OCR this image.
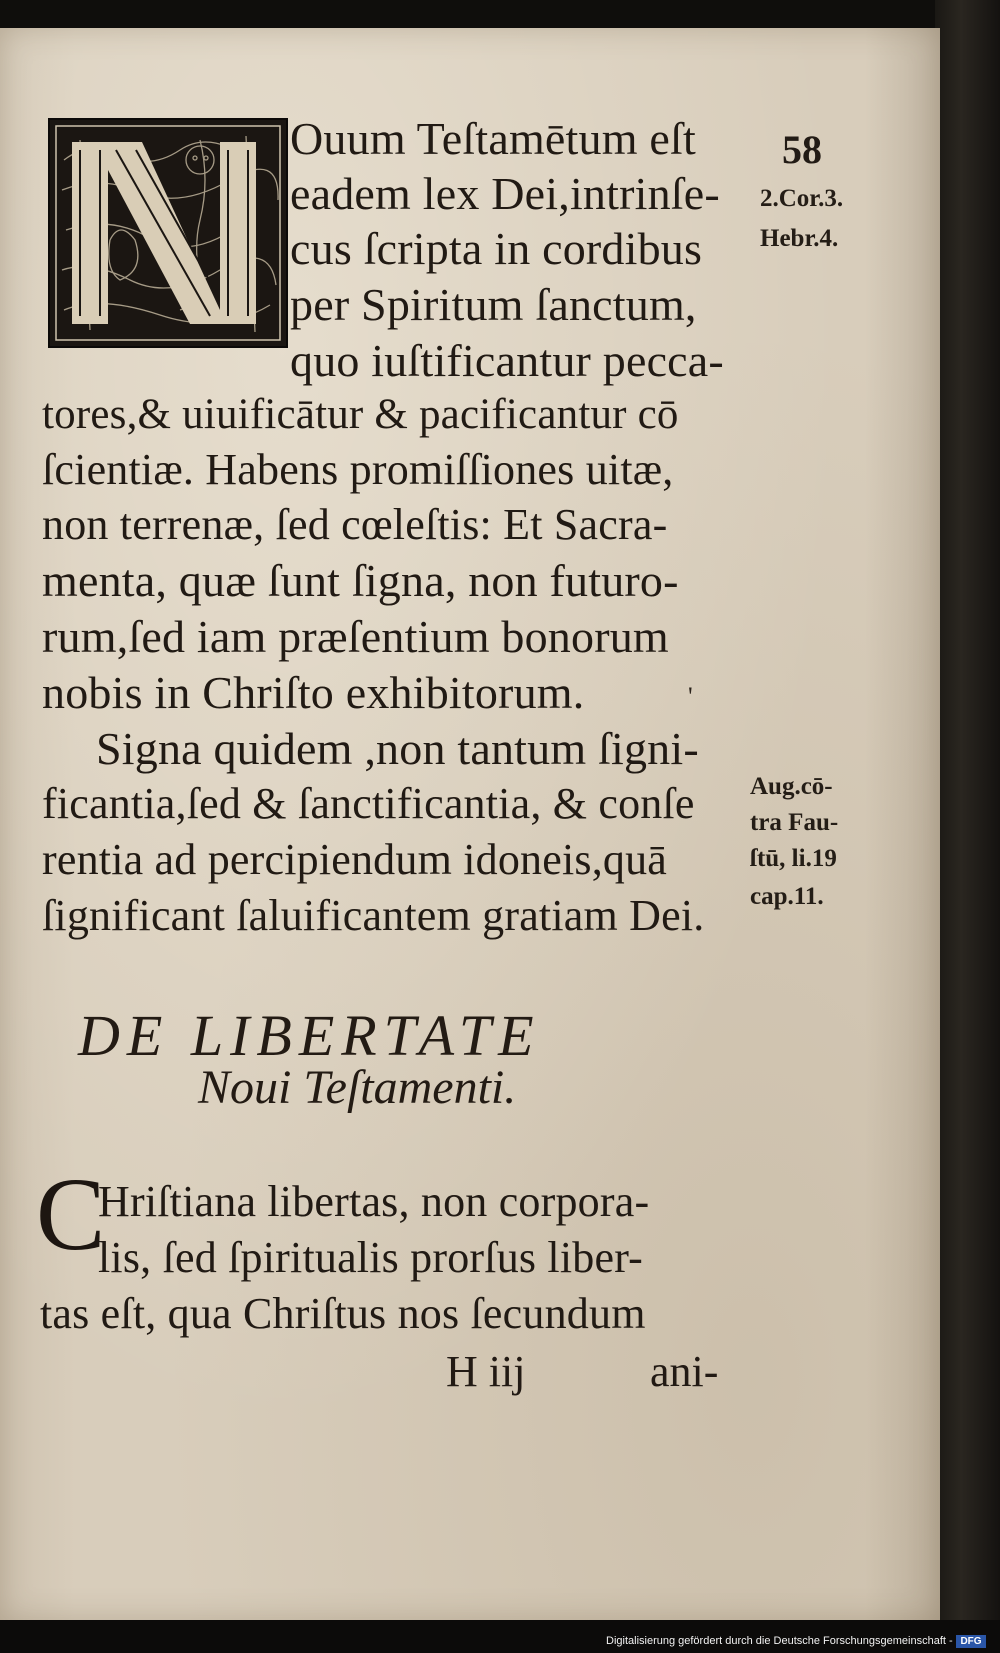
58
Ouum Teſtamētum eſt
eadem lex Dei,intrinſe-
cus ſcripta in cordibus
per Spiritum ſanctum,
quo iuſtificantur pecca-
tores,& uiuificātur & pacificantur cō
ſcientiæ. Habens promiſſiones uitæ,
non terrenæ, ſed cœleſtis: Et Sacra-
menta, quæ ſunt ſigna, non futuro-
rum,ſed iam præſentium bonorum
nobis in Chriſto exhibitorum.
Signa quidem ,non tantum ſigni-
ficantia,ſed & ſanctificantia, & conſe
rentia ad percipiendum idoneis,quā
ſignificant ſaluificantem gratiam Dei.
'
2.Cor.3.
Hebr.4.
Aug.cō-
tra Fau-
ſtū, li.19
cap.11.
DE LIBERTATE
Noui Teſtamenti.
C
Hriſtiana libertas, non corpora-
lis, ſed ſpiritualis prorſus liber-
tas eſt, qua Chriſtus nos ſecundum
H iij	ani-
Digitalisierung gefördert durch die Deutsche Forschungsgemeinschaft - DFG
